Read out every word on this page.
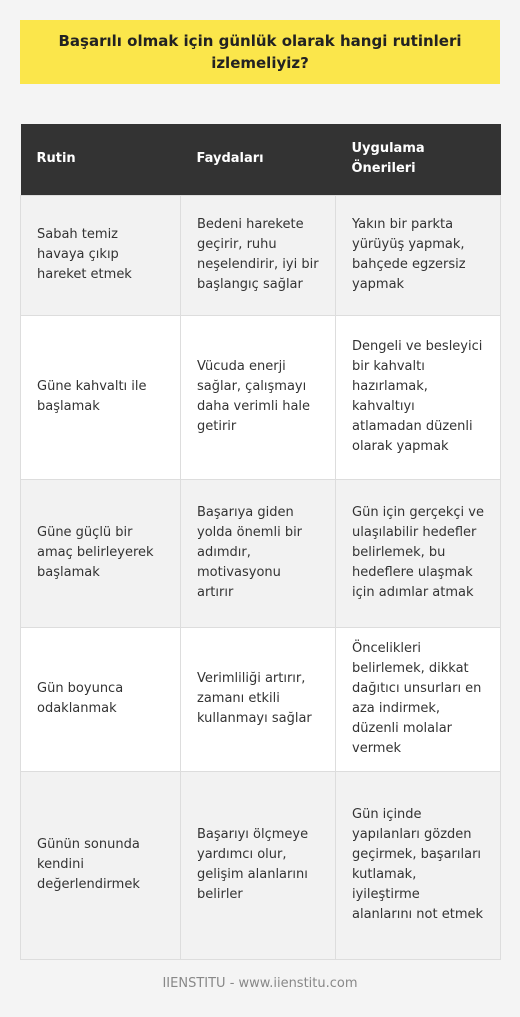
Başarılı olmak için günlük olarak hangi rutinleri izlemeliyiz?
Rutin	Faydaları	Uygulama Önerileri
Sabah temiz havaya çıkıp hareket etmek	Bedeni harekete geçirir, ruhu neşelendirir, iyi bir başlangıç sağlar	Yakın bir parkta yürüyüş yapmak, bahçede egzersiz yapmak
Güne kahvaltı ile başlamak	Vücuda enerji sağlar, çalışmayı daha verimli hale getirir	Dengeli ve besleyici bir kahvaltı hazırlamak, kahvaltıyı atlamadan düzenli olarak yapmak
Güne güçlü bir amaç belirleyerek başlamak	Başarıya giden yolda önemli bir adımdır, motivasyonu artırır	Gün için gerçekçi ve ulaşılabilir hedefler belirlemek, bu hedeflere ulaşmak için adımlar atmak
Gün boyunca odaklanmak	Verimliliği artırır, zamanı etkili kullanmayı sağlar	Öncelikleri belirlemek, dikkat dağıtıcı unsurları en aza indirmek, düzenli molalar vermek
Günün sonunda kendini değerlendirmek	Başarıyı ölçmeye yardımcı olur, gelişim alanlarını belirler	Gün içinde yapılanları gözden geçirmek, başarıları kutlamak, iyileştirme alanlarını not etmek
IIENSTITU - www.iienstitu.com
